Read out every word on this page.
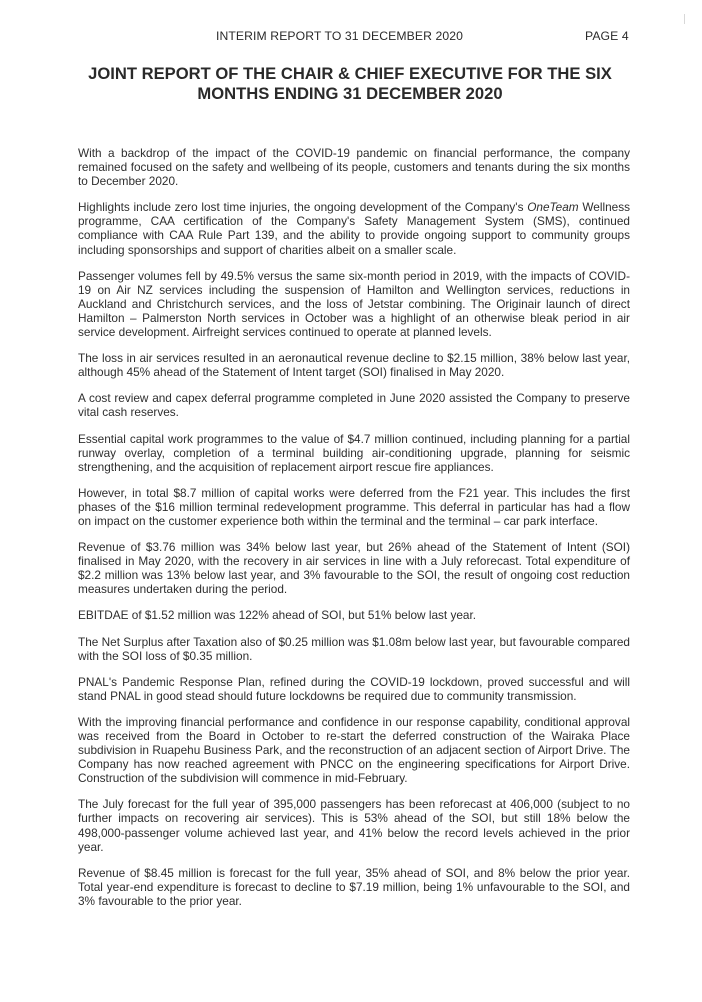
INTERIM REPORT TO 31 DECEMBER 2020	PAGE 4
JOINT REPORT OF THE CHAIR & CHIEF EXECUTIVE FOR THE SIX
MONTHS ENDING 31 DECEMBER 2020

With a backdrop of the impact of the COVID-19 pandemic on financial performance, the company remained focused on the safety and wellbeing of its people, customers and tenants during the six months to December 2020.

Highlights include zero lost time injuries, the ongoing development of the Company's OneTeam Wellness programme, CAA certification of the Company's Safety Management System (SMS), continued compliance with CAA Rule Part 139, and the ability to provide ongoing support to community groups including sponsorships and support of charities albeit on a smaller scale.

Passenger volumes fell by 49.5% versus the same six-month period in 2019, with the impacts of COVID-19 on Air NZ services including the suspension of Hamilton and Wellington services, reductions in Auckland and Christchurch services, and the loss of Jetstar combining. The Originair launch of direct Hamilton – Palmerston North services in October was a highlight of an otherwise bleak period in air service development. Airfreight services continued to operate at planned levels.

The loss in air services resulted in an aeronautical revenue decline to $2.15 million, 38% below last year, although 45% ahead of the Statement of Intent target (SOI) finalised in May 2020.

A cost review and capex deferral programme completed in June 2020 assisted the Company to preserve vital cash reserves.

Essential capital work programmes to the value of $4.7 million continued, including planning for a partial runway overlay, completion of a terminal building air-conditioning upgrade, planning for seismic strengthening, and the acquisition of replacement airport rescue fire appliances.

However, in total $8.7 million of capital works were deferred from the F21 year. This includes the first phases of the $16 million terminal redevelopment programme. This deferral in particular has had a flow on impact on the customer experience both within the terminal and the terminal – car park interface.

Revenue of $3.76 million was 34% below last year, but 26% ahead of the Statement of Intent (SOI) finalised in May 2020, with the recovery in air services in line with a July reforecast. Total expenditure of $2.2 million was 13% below last year, and 3% favourable to the SOI, the result of ongoing cost reduction measures undertaken during the period.

EBITDAE of $1.52 million was 122% ahead of SOI, but 51% below last year.

The Net Surplus after Taxation also of $0.25 million was $1.08m below last year, but favourable compared with the SOI loss of $0.35 million.

PNAL's Pandemic Response Plan, refined during the COVID-19 lockdown, proved successful and will stand PNAL in good stead should future lockdowns be required due to community transmission.

With the improving financial performance and confidence in our response capability, conditional approval was received from the Board in October to re-start the deferred construction of the Wairaka Place subdivision in Ruapehu Business Park, and the reconstruction of an adjacent section of Airport Drive. The Company has now reached agreement with PNCC on the engineering specifications for Airport Drive. Construction of the subdivision will commence in mid-February.

The July forecast for the full year of 395,000 passengers has been reforecast at 406,000 (subject to no further impacts on recovering air services). This is 53% ahead of the SOI, but still 18% below the 498,000-passenger volume achieved last year, and 41% below the record levels achieved in the prior year.

Revenue of $8.45 million is forecast for the full year, 35% ahead of SOI, and 8% below the prior year. Total year-end expenditure is forecast to decline to $7.19 million, being 1% unfavourable to the SOI, and 3% favourable to the prior year.
